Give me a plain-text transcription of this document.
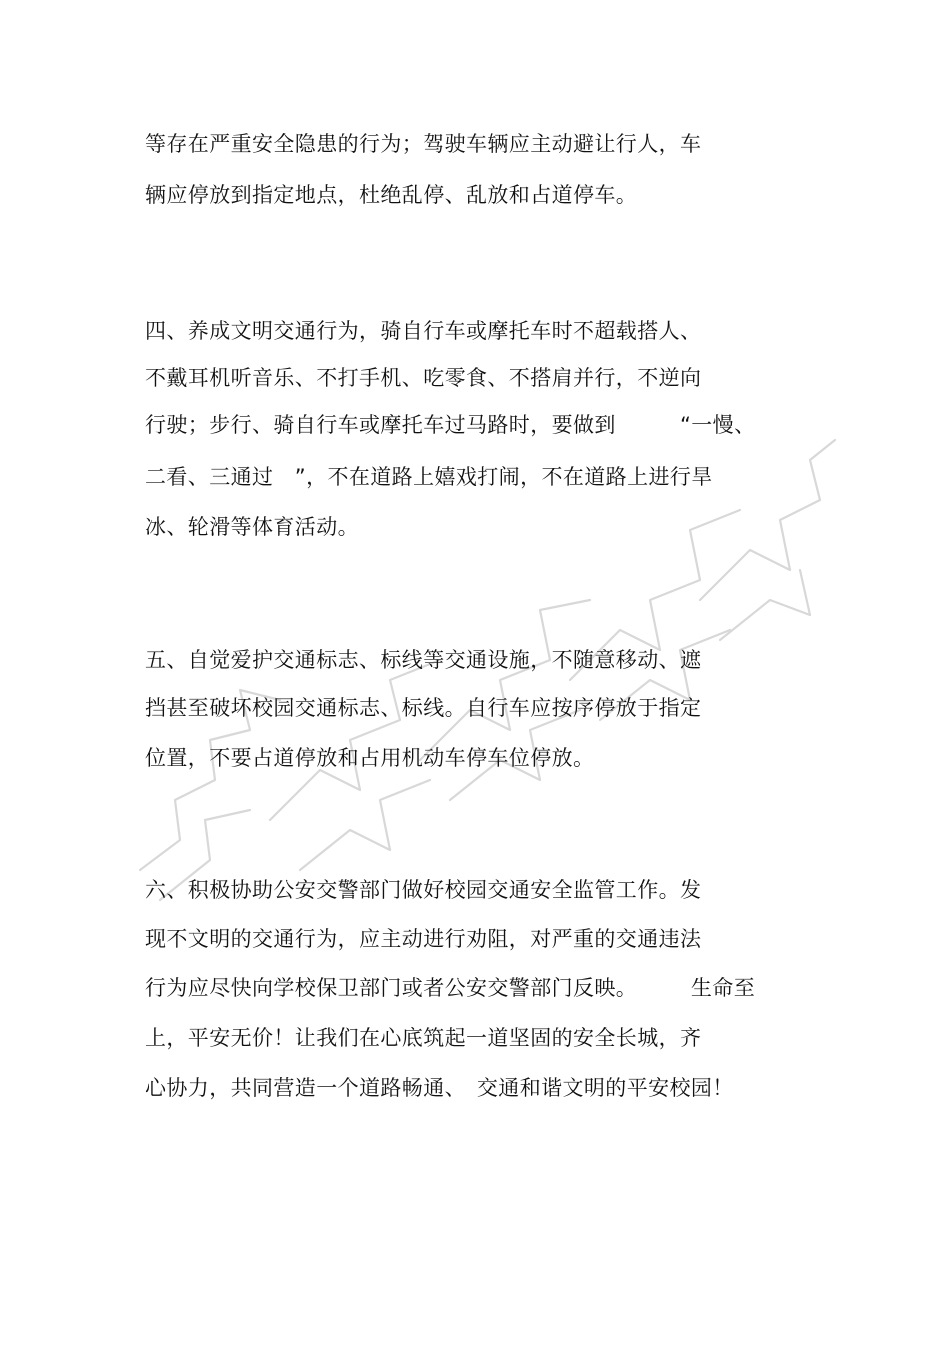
等存在严重安全隐患的行为；驾驶车辆应主动避让行人，车
辆应停放到指定地点，杜绝乱停、乱放和占道停车。
四、养成文明交通行为，骑自行车或摩托车时不超载搭人、
不戴耳机听音乐、不打手机、吃零食、不搭肩并行，不逆向
行驶；步行、骑自行车或摩托车过马路时，要做到　　　“一慢、
二看、三通过　”，不在道路上嬉戏打闹，不在道路上进行旱
冰、轮滑等体育活动。
五、自觉爱护交通标志、标线等交通设施，不随意移动、遮
挡甚至破坏校园交通标志、标线。自行车应按序停放于指定
位置，不要占道停放和占用机动车停车位停放。
六、积极协助公安交警部门做好校园交通安全监管工作。发
现不文明的交通行为，应主动进行劝阻，对严重的交通违法
行为应尽快向学校保卫部门或者公安交警部门反映。　　　生命至
上，平安无价！让我们在心底筑起一道坚固的安全长城，齐
心协力，共同营造一个道路畅通、　交通和谐文明的平安校园！
